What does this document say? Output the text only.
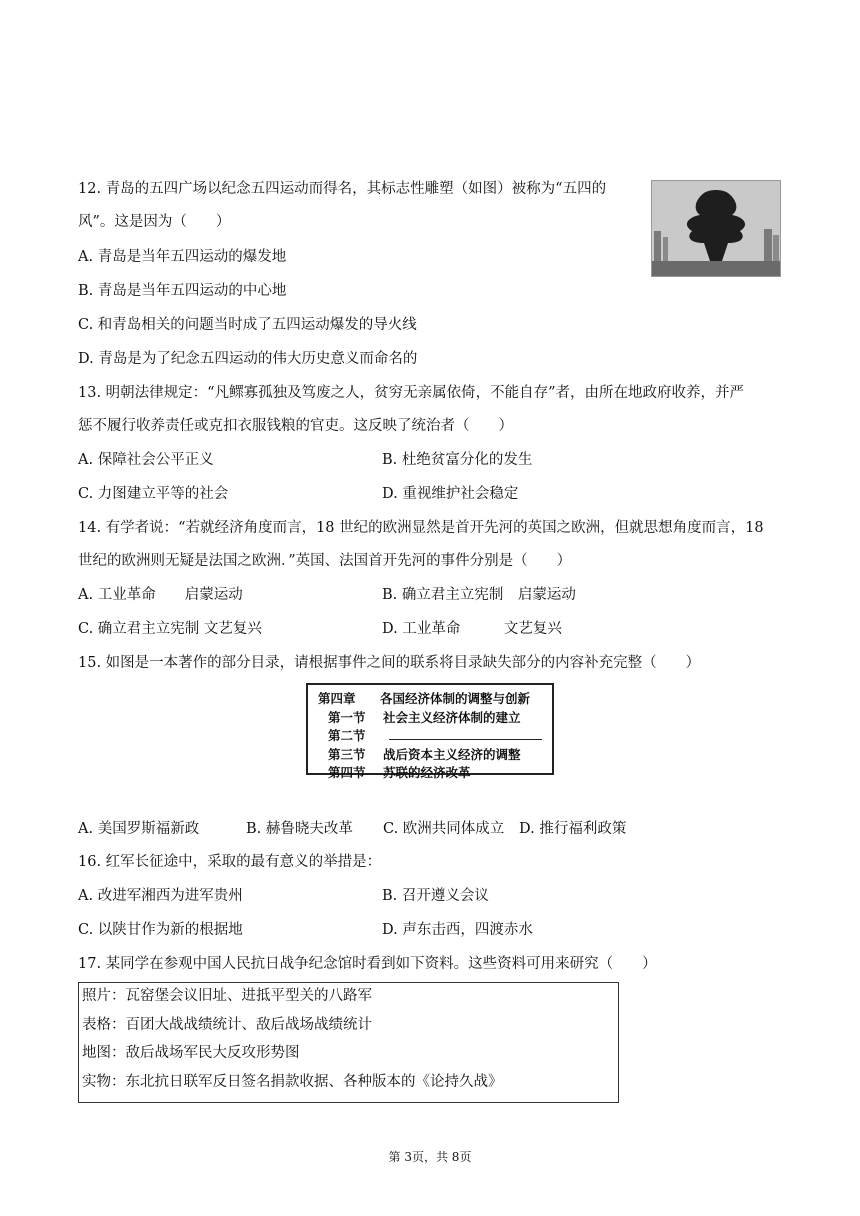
12. 青岛的五四广场以纪念五四运动而得名，其标志性雕塑（如图）被称为“五四的
风”。这是因为（　　）
A. 青岛是当年五四运动的爆发地
B. 青岛是当年五四运动的中心地
C. 和青岛相关的问题当时成了五四运动爆发的导火线
D. 青岛是为了纪念五四运动的伟大历史意义而命名的
13. 明朝法律规定：“凡鳏寡孤独及笃废之人，贫穷无亲属依倚，不能自存”者，由所在地政府收养，并严
惩不履行收养责任或克扣衣服钱粮的官吏。这反映了统治者（　　）
A. 保障社会公平正义	B. 杜绝贫富分化的发生
C. 力图建立平等的社会	D. 重视维护社会稳定
14. 有学者说：“若就经济角度而言，18 世纪的欧洲显然是首开先河的英国之欧洲，但就思想角度而言，18
世纪的欧洲则无疑是法国之欧洲．”英国、法国首开先河的事件分别是（　　）
A. 工业革命　　启蒙运动	B. 确立君主立宪制　启蒙运动
C. 确立君主立宪制 文艺复兴	D. 工业革命　　　文艺复兴
15. 如图是一本著作的部分目录，请根据事件之间的联系将目录缺失部分的内容补充完整（　　）
第四章	各国经济体制的调整与创新
第一节	社会主义经济体制的建立
第二节
第三节	战后资本主义经济的调整
第四节	苏联的经济改革
A. 美国罗斯福新政	B. 赫鲁晓夫改革 C. 欧洲共同体成立 D. 推行福利政策
16. 红军长征途中，采取的最有意义的举措是：
A. 改进军湘西为进军贵州	B. 召开遵义会议
C. 以陕甘作为新的根据地	D. 声东击西，四渡赤水
17. 某同学在参观中国人民抗日战争纪念馆时看到如下资料。这些资料可用来研究（　　）
照片：瓦窑堡会议旧址、进抵平型关的八路军
表格：百团大战战绩统计、敌后战场战绩统计
地图：敌后战场军民大反攻形势图
实物：东北抗日联军反日签名捐款收据、各种版本的《论持久战》
第 3页，共 8页
